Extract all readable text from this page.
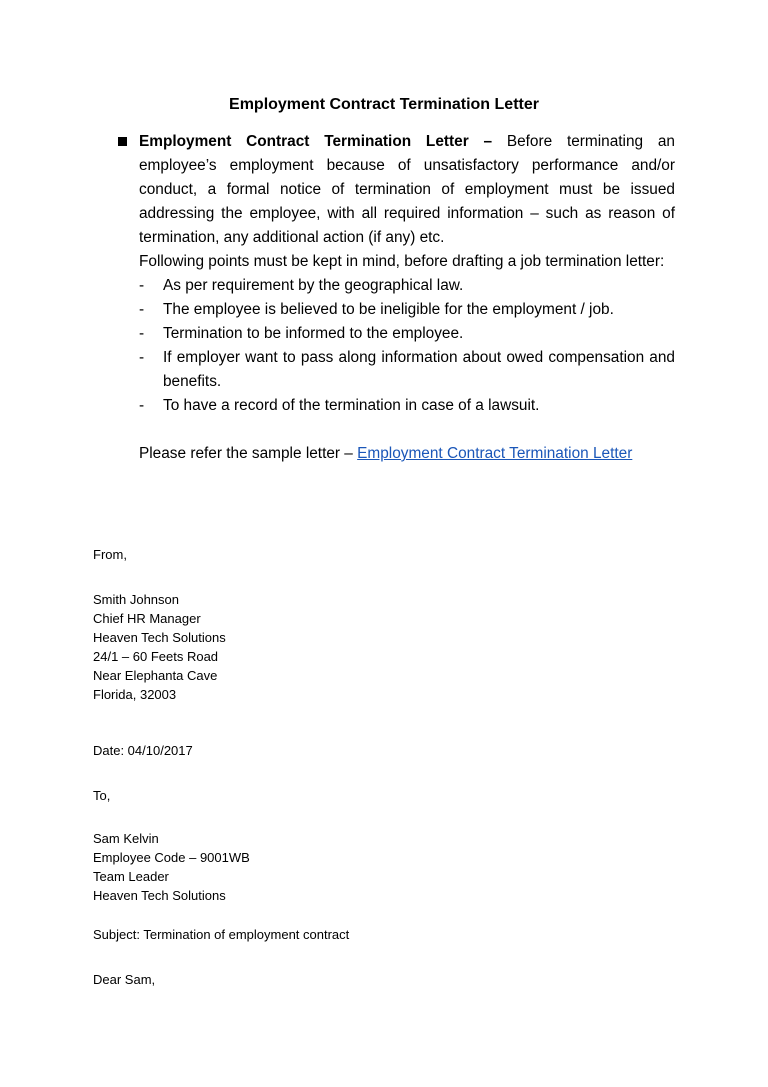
Employment Contract Termination Letter

Employment Contract Termination Letter – Before terminating an employee’s employment because of unsatisfactory performance and/or conduct, a formal notice of termination of employment must be issued addressing the employee, with all required information – such as reason of termination, any additional action (if any) etc.

Following points must be kept in mind, before drafting a job termination letter:

- As per requirement by the geographical law.
- The employee is believed to be ineligible for the employment / job.
- Termination to be informed to the employee.
- If employer want to pass along information about owed compensation and benefits.
- To have a record of the termination in case of a lawsuit.

Please refer the sample letter – Employment Contract Termination Letter

From,
Smith Johnson
Chief HR Manager
Heaven Tech Solutions
24/1 – 60 Feets Road
Near Elephanta Cave
Florida, 32003
Date: 04/10/2017
To,
Sam Kelvin
Employee Code – 9001WB
Team Leader
Heaven Tech Solutions
Subject: Termination of employment contract
Dear Sam,
